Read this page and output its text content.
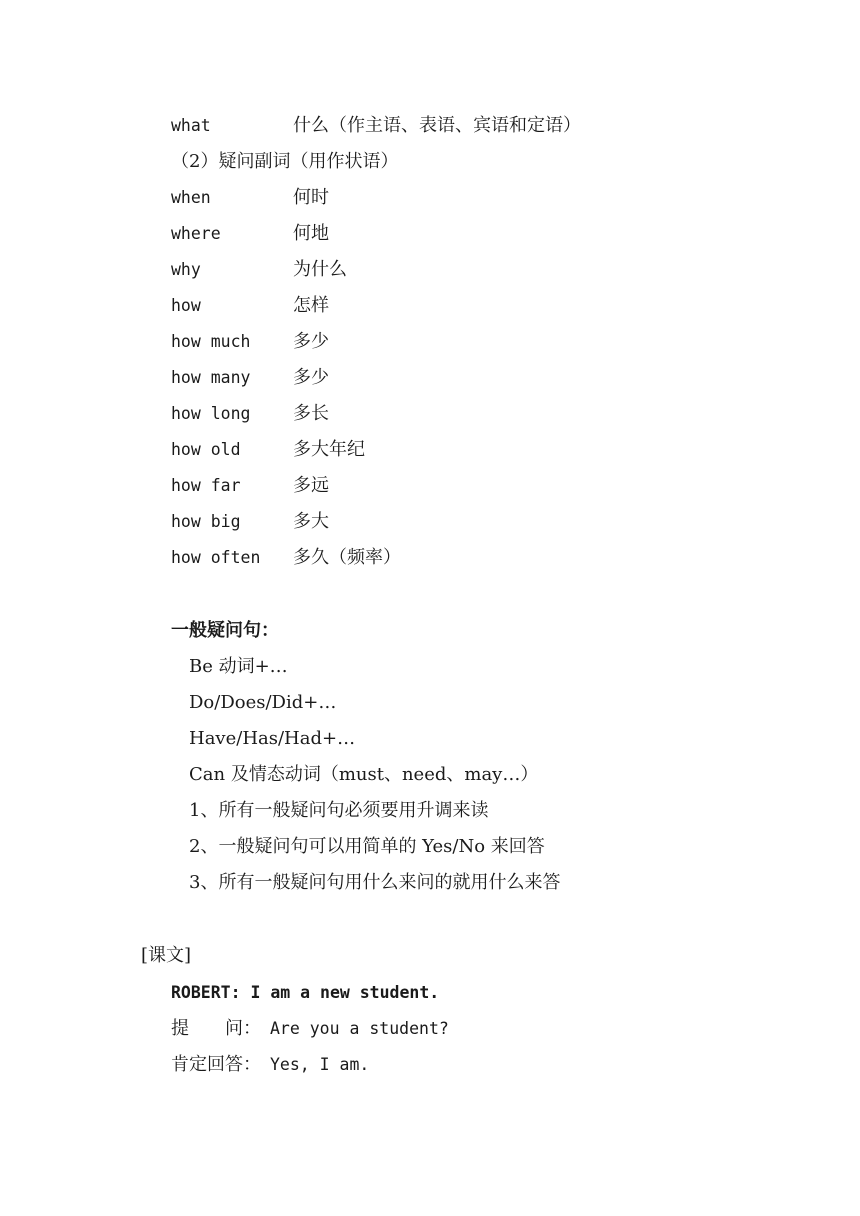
what	什么（作主语、表语、宾语和定语）
（2）疑问副词（用作状语）
when	何时
where	何地
why	为什么
how	怎样
how much 多少
how many 多少
how long 多长
how old	多大年纪
how far	多远
how big	多大
how often 多久（频率）
一般疑问句：
Be 动词+…
Do/Does/Did+…
Have/Has/Had+…
Can 及情态动词（must、need、may…）
1、所有一般疑问句必须要用升调来读
2、一般疑问句可以用简单的 Yes/No 来回答
3、所有一般疑问句用什么来问的就用什么来答
[课文]
ROBERT: I am a new student.
提　　问： Are you a student?
肯定回答： Yes, I am.
